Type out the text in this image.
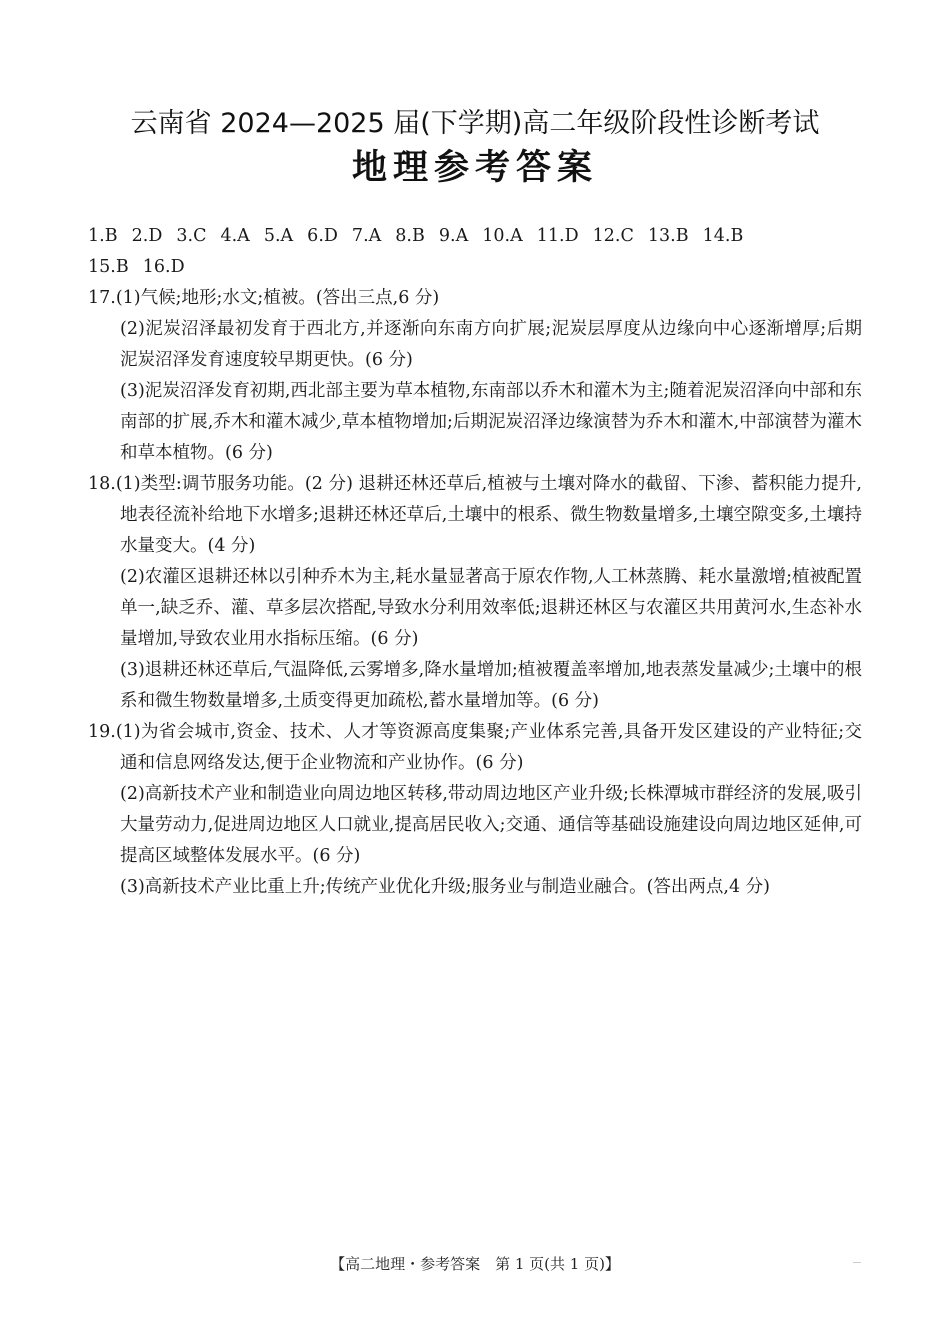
云南省 2024—2025 届(下学期)高二年级阶段性诊断考试
地理参考答案
1.B 2.D 3.C 4.A 5.A 6.D 7.A 8.B 9.A 10.A 11.D 12.C 13.B 14.B
15.B 16.D

17.(1)气候;地形;水文;植被。(答出三点,6 分)

(2)泥炭沼泽最初发育于西北方,并逐渐向东南方向扩展;泥炭层厚度从边缘向中心逐渐增厚;后期泥炭沼泽发育速度较早期更快。(6 分)

(3)泥炭沼泽发育初期,西北部主要为草本植物,东南部以乔木和灌木为主;随着泥炭沼泽向中部和东南部的扩展,乔木和灌木减少,草本植物增加;后期泥炭沼泽边缘演替为乔木和灌木,中部演替为灌木和草本植物。(6 分)

18.(1)类型:调节服务功能。(2 分) 退耕还林还草后,植被与土壤对降水的截留、下渗、蓄积能力提升,地表径流补给地下水增多;退耕还林还草后,土壤中的根系、微生物数量增多,土壤空隙变多,土壤持水量变大。(4 分)

(2)农灌区退耕还林以引种乔木为主,耗水量显著高于原农作物,人工林蒸腾、耗水量激增;植被配置单一,缺乏乔、灌、草多层次搭配,导致水分利用效率低;退耕还林区与农灌区共用黄河水,生态补水量增加,导致农业用水指标压缩。(6 分)

(3)退耕还林还草后,气温降低,云雾增多,降水量增加;植被覆盖率增加,地表蒸发量减少;土壤中的根系和微生物数量增多,土质变得更加疏松,蓄水量增加等。(6 分)

19.(1)为省会城市,资金、技术、人才等资源高度集聚;产业体系完善,具备开发区建设的产业特征;交通和信息网络发达,便于企业物流和产业协作。(6 分)

(2)高新技术产业和制造业向周边地区转移,带动周边地区产业升级;长株潭城市群经济的发展,吸引大量劳动力,促进周边地区人口就业,提高居民收入;交通、通信等基础设施建设向周边地区延伸,可提高区域整体发展水平。(6 分)

(3)高新技术产业比重上升;传统产业优化升级;服务业与制造业融合。(答出两点,4 分)

【高二地理・参考答案　第 1 页(共 1 页)】
